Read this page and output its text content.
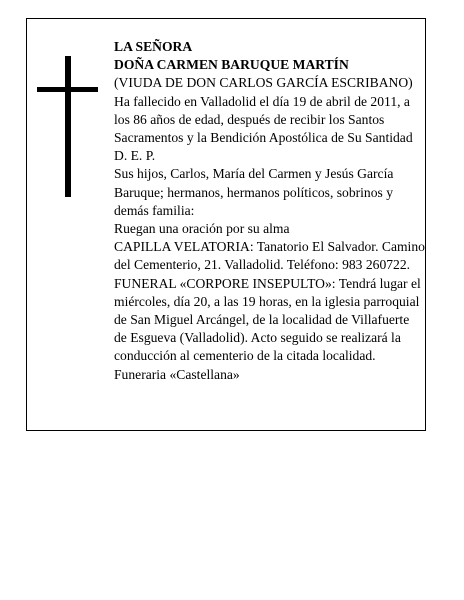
LA SEÑORA

DOÑA CARMEN BARUQUE MARTÍN

(VIUDA DE DON CARLOS GARCÍA ESCRIBANO)

Ha fallecido en Valladolid el día 19 de abril de 2011, a los 86 años de edad, después de recibir los Santos Sacramentos y la Bendición Apostólica de Su Santidad D. E. P.

Sus hijos, Carlos, María del Carmen y Jesús García Baruque; hermanos, hermanos políticos, sobrinos y demás familia:

Ruegan una oración por su alma

CAPILLA VELATORIA: Tanatorio El Salvador. Camino del Cementerio, 21. Valladolid. Teléfono: 983 260722.

FUNERAL «CORPORE INSEPULTO»: Tendrá lugar el miércoles, día 20, a las 19 horas, en la iglesia parroquial de San Miguel Arcángel, de la localidad de Villafuerte de Esgueva (Valladolid). Acto seguido se realizará la conducción al cementerio de la citada localidad.

Funeraria «Castellana»
